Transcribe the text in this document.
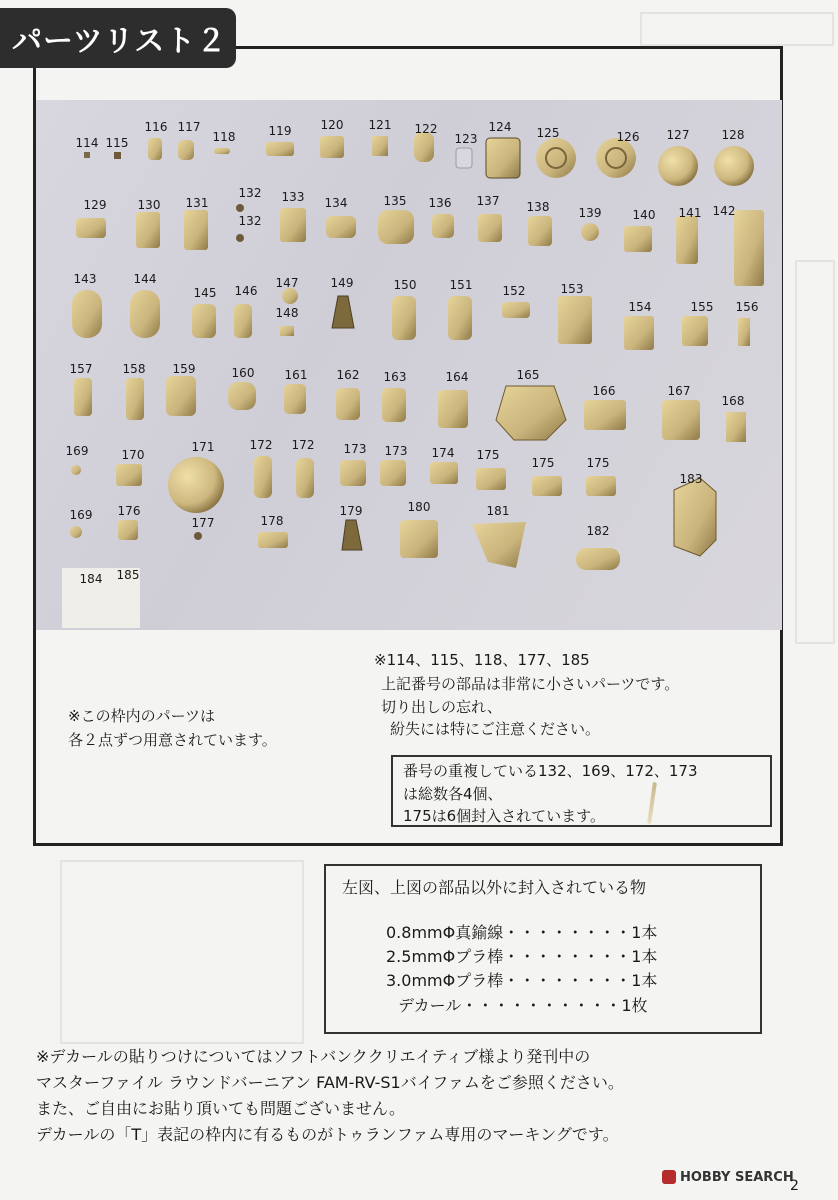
パーツリスト２
114 115
116 117
118	119 120 121 122
123
124 125	126 127	128
129	130 131
132
132
133 134	135 136 137 138 139	140 141 142
143	144
145 146
147
148
149	150	151	152	153
154	155 156
157	158 159	160	161 162 163	164	165
166	167
168
169	170
171	172 172 173 173 174 175
175	175
169 176
177	178
179	180	181
182
183
184 185
※この枠内のパーツは
各２点ずつ用意されています。
※114、115、118、177、185
上記番号の部品は非常に小さいパーツです。
切り出しの忘れ、
紛失には特にご注意ください。
番号の重複している132、169、172、173
は総数各4個、
175は6個封入されています。
左図、上図の部品以外に封入されている物
0.8mmΦ真鍮線・・・・・・・・1本
2.5mmΦプラ棒・・・・・・・・1本
3.0mmΦプラ棒・・・・・・・・1本
デカール・・・・・・・・・・1枚
※デカールの貼りつけについてはソフトバンククリエイティブ様より発刊中の
マスターファイル ラウンドバーニアン FAM-RV-S1バイファムをご参照ください。
また、ご自由にお貼り頂いても問題ございません。
デカールの「T」表記の枠内に有るものがトゥランファム専用のマーキングです。
HOBBY SEARCH
2
